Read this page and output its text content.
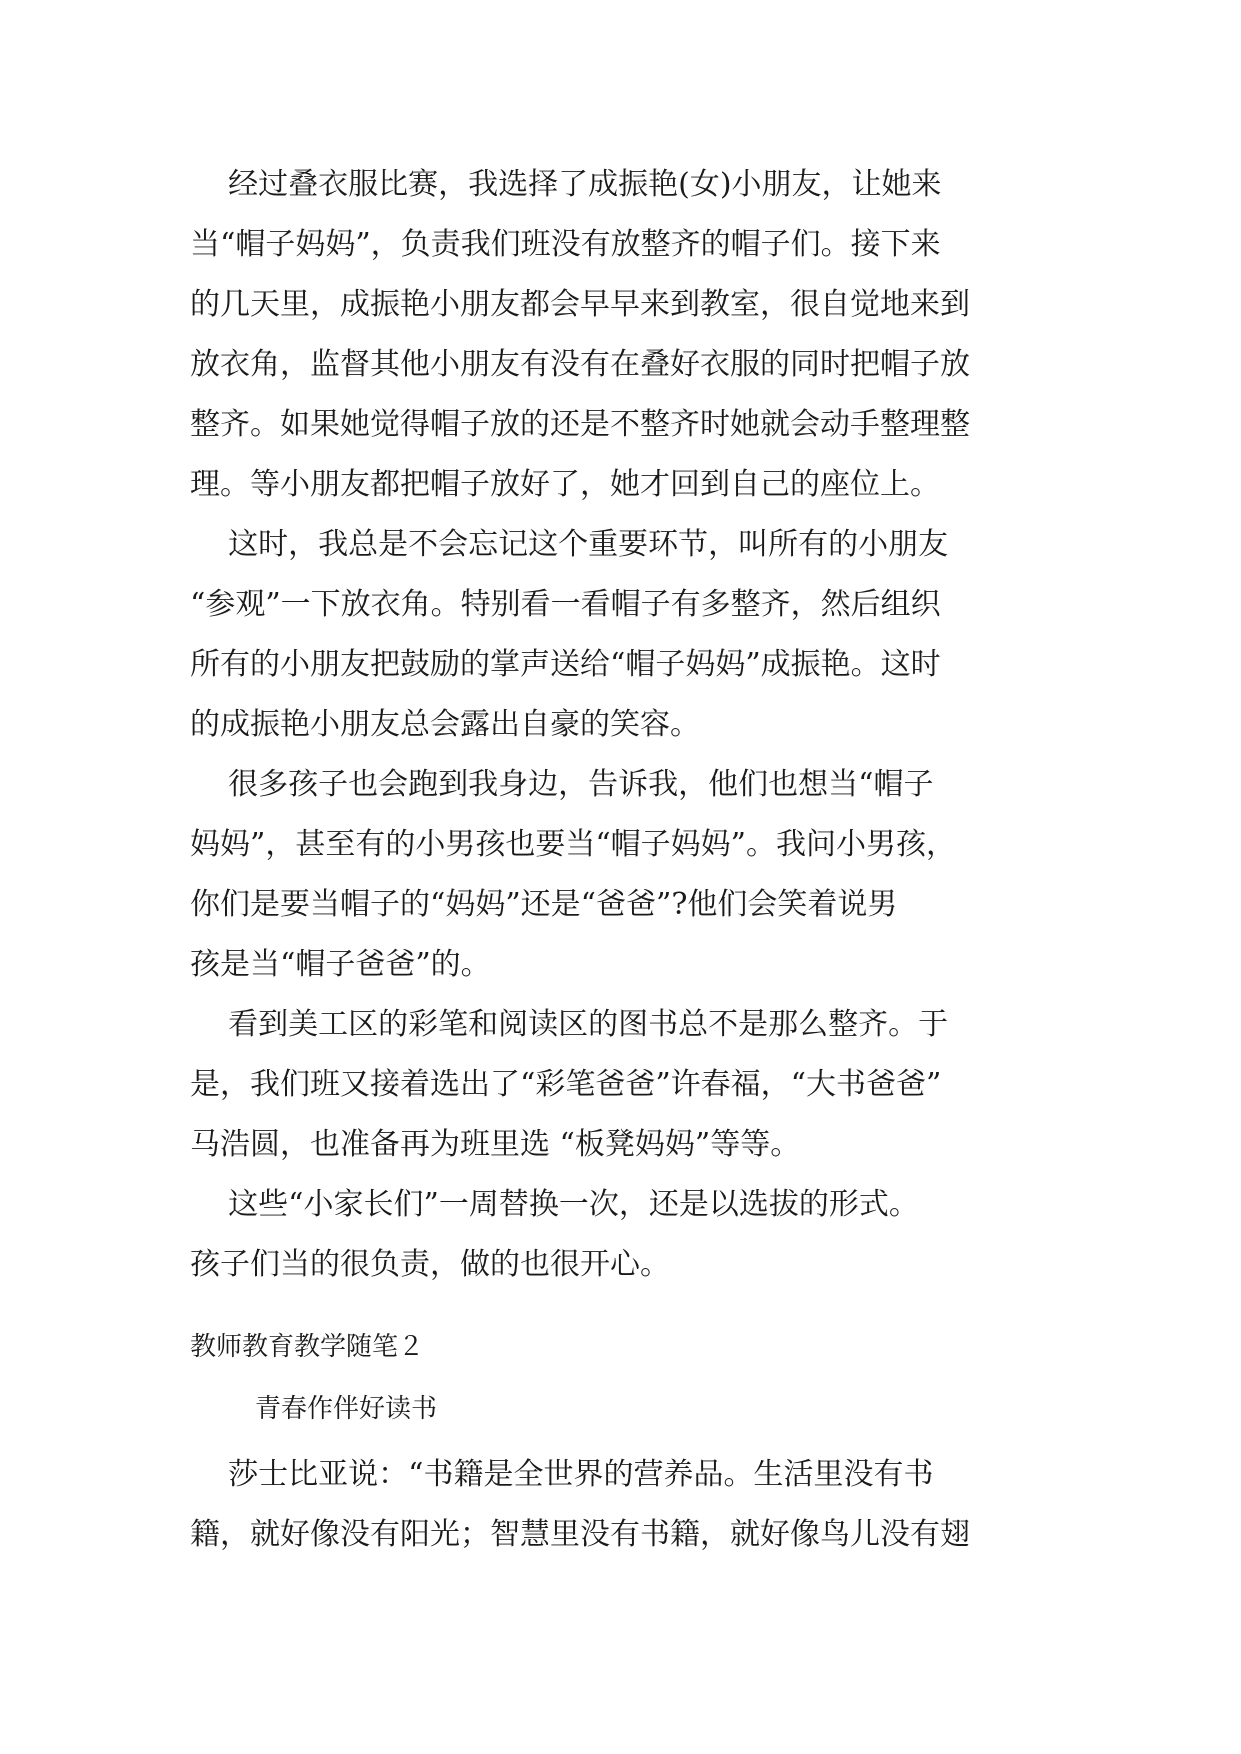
经过叠衣服比赛，我选择了成振艳(女)小朋友，让她来
当“帽子妈妈”，负责我们班没有放整齐的帽子们。接下来
的几天里，成振艳小朋友都会早早来到教室，很自觉地来到
放衣角，监督其他小朋友有没有在叠好衣服的同时把帽子放
整齐。如果她觉得帽子放的还是不整齐时她就会动手整理整
理。等小朋友都把帽子放好了，她才回到自己的座位上。
这时，我总是不会忘记这个重要环节，叫所有的小朋友
“参观”一下放衣角。特别看一看帽子有多整齐，然后组织
所有的小朋友把鼓励的掌声送给“帽子妈妈”成振艳。这时
的成振艳小朋友总会露出自豪的笑容。
很多孩子也会跑到我身边，告诉我，他们也想当“帽子
妈妈”，甚至有的小男孩也要当“帽子妈妈”。我问小男孩，
你们是要当帽子的“妈妈”还是“爸爸”?他们会笑着说男
孩是当“帽子爸爸”的。
看到美工区的彩笔和阅读区的图书总不是那么整齐。于
是，我们班又接着选出了“彩笔爸爸”许春福，“大书爸爸”
马浩圆，也准备再为班里选 “板凳妈妈”等等。
这些“小家长们”一周替换一次，还是以选拔的形式。
孩子们当的很负责，做的也很开心。
教师教育教学随笔２
青春作伴好读书
莎士比亚说：“书籍是全世界的营养品。生活里没有书
籍，就好像没有阳光；智慧里没有书籍，就好像鸟儿没有翅
